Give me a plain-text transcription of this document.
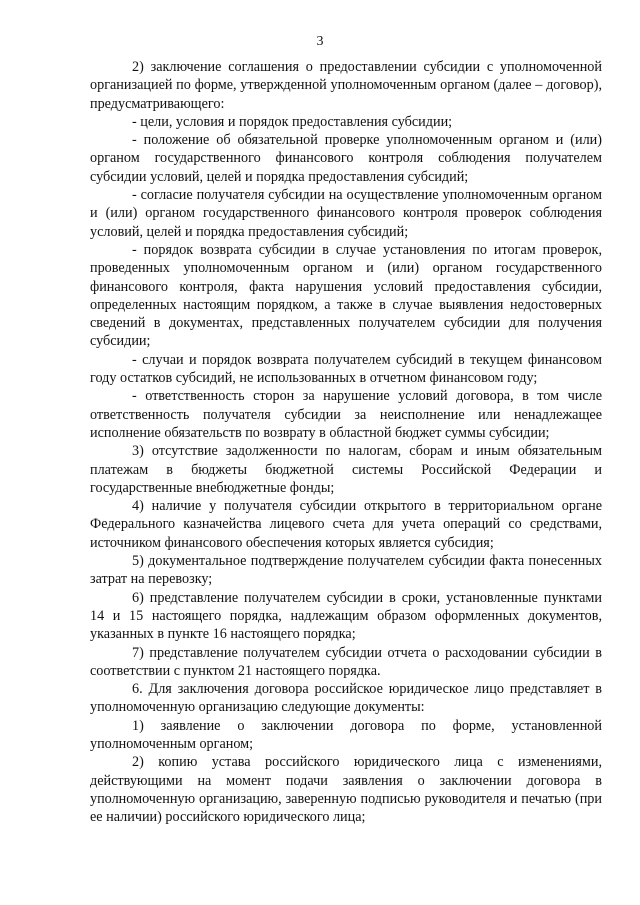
3

2) заключение соглашения о предоставлении субсидии с уполномоченной организацией по форме, утвержденной уполномоченным органом (далее – договор), предусматривающего:

- цели, условия и порядок предоставления субсидии;

- положение об обязательной проверке уполномоченным органом и (или) органом государственного финансового контроля соблюдения получателем субсидии условий, целей и порядка предоставления субсидий;

- согласие получателя субсидии на осуществление уполномоченным органом и (или) органом государственного финансового контроля проверок соблюдения условий, целей и порядка предоставления субсидий;

- порядок возврата субсидии в случае установления по итогам проверок, проведенных уполномоченным органом и (или) органом государственного финансового контроля, факта нарушения условий предоставления субсидии, определенных настоящим порядком, а также в случае выявления недостоверных сведений в документах, представленных получателем субсидии для получения субсидии;

- случаи и порядок возврата получателем субсидий в текущем финансовом году остатков субсидий, не использованных в отчетном финансовом году;

- ответственность сторон за нарушение условий договора, в том числе ответственность получателя субсидии за неисполнение или ненадлежащее исполнение обязательств по возврату в областной бюджет суммы субсидии;

3) отсутствие задолженности по налогам, сборам и иным обязательным платежам в бюджеты бюджетной системы Российской Федерации и государственные внебюджетные фонды;

4) наличие у получателя субсидии открытого в территориальном органе Федерального казначейства лицевого счета для учета операций со средствами, источником финансового обеспечения которых является субсидия;

5) документальное подтверждение получателем субсидии факта понесенных затрат на перевозку;

6) представление получателем субсидии в сроки, установленные пунктами 14 и 15 настоящего порядка, надлежащим образом оформленных документов, указанных в пункте 16 настоящего порядка;

7) представление получателем субсидии отчета о расходовании субсидии в соответствии с пунктом 21 настоящего порядка.

6. Для заключения договора российское юридическое лицо представляет в уполномоченную организацию следующие документы:

1) заявление о заключении договора по форме, установленной уполномоченным органом;

2) копию устава российского юридического лица с изменениями, действующими на момент подачи заявления о заключении договора в уполномоченную организацию, заверенную подписью руководителя и печатью (при ее наличии) российского юридического лица;
